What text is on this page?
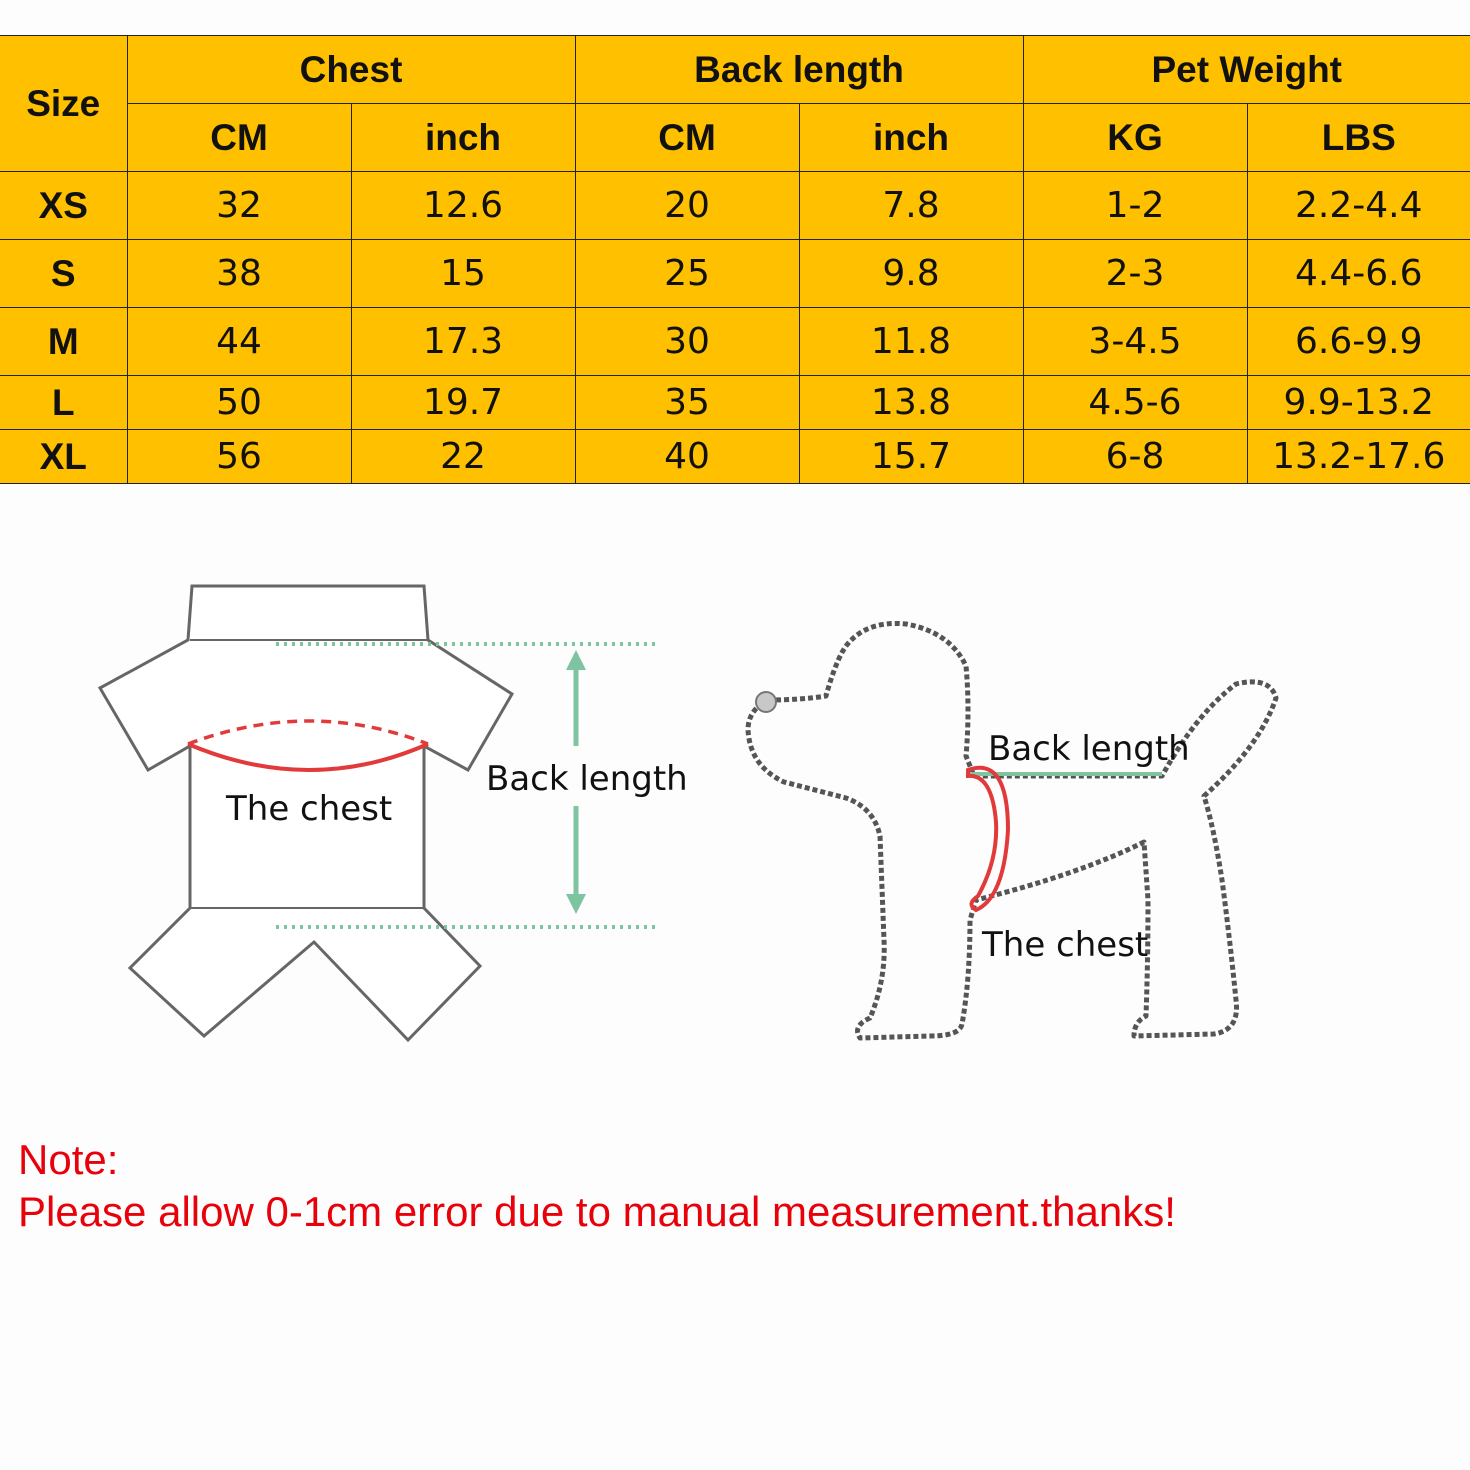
Size	Chest		Back length		Pet Weight	
	CM	inch	CM	inch	KG	LBS
XS	32	12.6	20	7.8	1-2	2.2-4.4
S	38	15	25	9.8	2-3	4.4-6.6
M	44	17.3	30	11.8	3-4.5	6.6-9.9
L	50	19.7	35	13.8	4.5-6	9.9-13.2
XL	56	22	40	15.7	6-8	13.2-17.6
The chest
Back length
Back length
The chest
Note:
Please allow 0-1cm error due to manual measurement.thanks!
